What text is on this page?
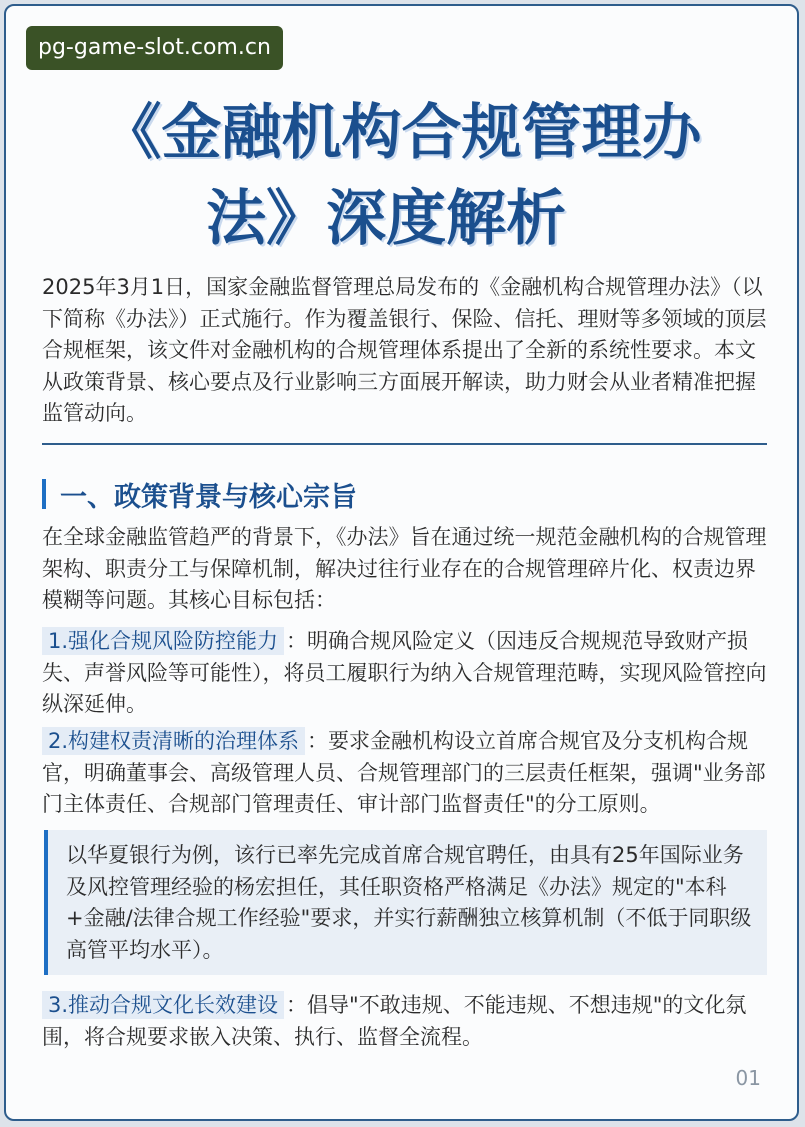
pg-game-slot.com.cn
《金融机构合规管理办
法》深度解析
2025年3月1日，国家金融监督管理总局发布的《金融机构合规管理办法》（以下简称《办法》）正式施行。作为覆盖银行、保险、信托、理财等多领域的顶层合规框架，该文件对金融机构的合规管理体系提出了全新的系统性要求。本文从政策背景、核心要点及行业影响三方面展开解读，助力财会从业者精准把握监管动向。
一、政策背景与核心宗旨
在全球金融监管趋严的背景下，《办法》旨在通过统一规范金融机构的合规管理架构、职责分工与保障机制，解决过往行业存在的合规管理碎片化、权责边界模糊等问题。其核心目标包括：
1.强化合规风险防控能力 ：明确合规风险定义（因违反合规规范导致财产损失、声誉风险等可能性），将员工履职行为纳入合规管理范畴，实现风险管控向纵深延伸。
2.构建权责清晰的治理体系 ：要求金融机构设立首席合规官及分支机构合规官，明确董事会、高级管理人员、合规管理部门的三层责任框架，强调"业务部门主体责任、合规部门管理责任、审计部门监督责任"的分工原则。
以华夏银行为例，该行已率先完成首席合规官聘任，由具有25年国际业务及风控管理经验的杨宏担任，其任职资格严格满足《办法》规定的"本科+金融/法律合规工作经验"要求，并实行薪酬独立核算机制（不低于同职级高管平均水平）。
3.推动合规文化长效建设 ：倡导"不敢违规、不能违规、不想违规"的文化氛围，将合规要求嵌入决策、执行、监督全流程。
01
